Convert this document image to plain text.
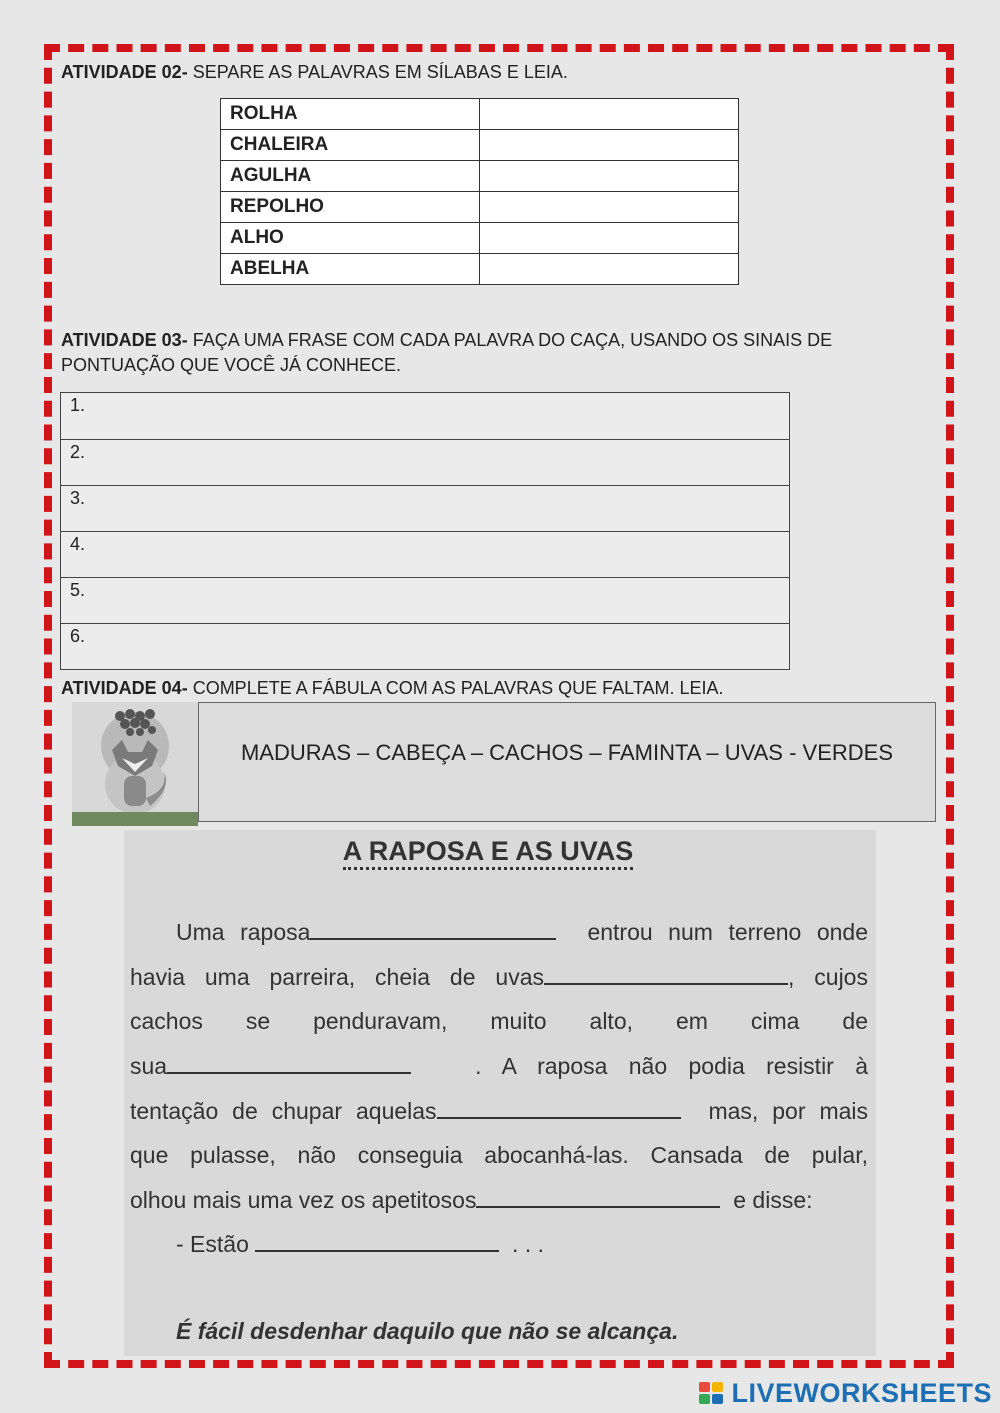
ATIVIDADE 02- SEPARE AS PALAVRAS EM SÍLABAS E LEIA.
ROLHA	
CHALEIRA	
AGULHA	
REPOLHO	
ALHO	
ABELHA	
ATIVIDADE 03- FAÇA UMA FRASE COM CADA PALAVRA DO CAÇA, USANDO OS SINAIS DE
PONTUAÇÃO QUE VOCÊ JÁ CONHECE.
1.
2.
3.
4.
5.
6.
ATIVIDADE 04- COMPLETE A FÁBULA COM AS PALAVRAS QUE FALTAM. LEIA.
MADURAS – CABEÇA – CACHOS – FAMINTA – UVAS - VERDES
A RAPOSA E AS UVAS
Uma raposa	entrou num terreno onde
havia uma parreira, cheia de uvas	, cujos
cachos se penduravam, muito alto, em cima de
sua	. A raposa não podia resistir à
tentação de chupar aquelas	mas, por mais
que pulasse, não conseguia abocanhá-las. Cansada de pular,
olhou mais uma vez os apetitosos	e disse:
- Estão	. . .
É fácil desdenhar daquilo que não se alcança.
LIVEWORKSHEETS
